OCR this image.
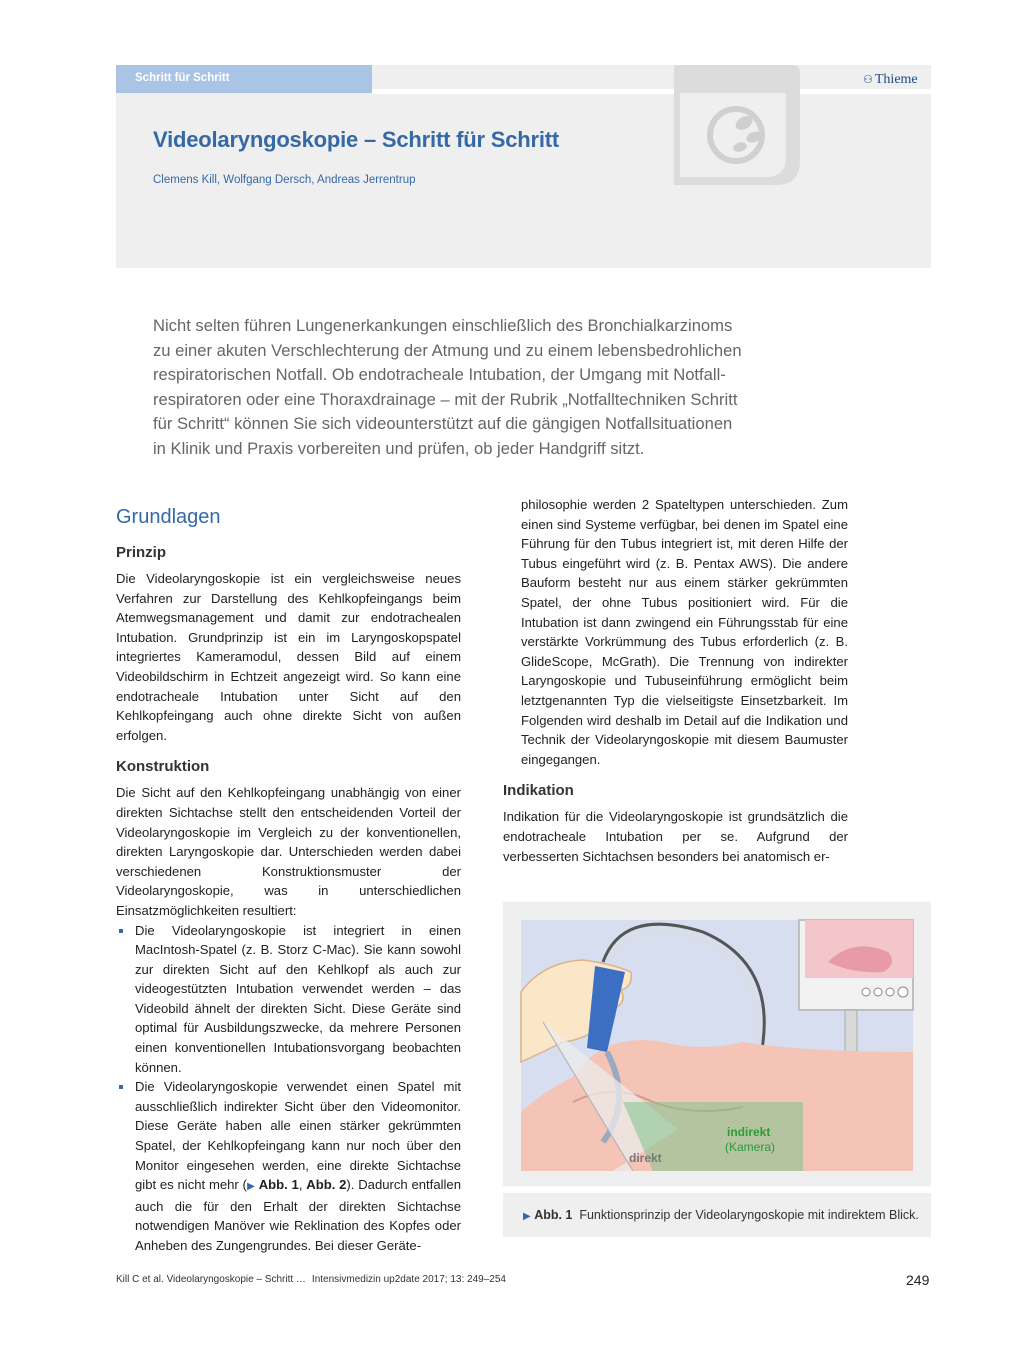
Schritt für Schritt	⚇ Thieme
Videolaryngoskopie – Schritt für Schritt
Clemens Kill, Wolfgang Dersch, Andreas Jerrentrup
Nicht selten führen Lungenerkankungen einschließlich des Bronchialkarzinoms
zu einer akuten Verschlechterung der Atmung und zu einem lebensbedrohlichen
respiratorischen Notfall. Ob endotracheale Intubation, der Umgang mit Notfall-
respiratoren oder eine Thoraxdrainage – mit der Rubrik „Notfalltechniken Schritt
für Schritt“ können Sie sich videounterstützt auf die gängigen Notfallsituationen
in Klinik und Praxis vorbereiten und prüfen, ob jeder Handgriff sitzt.
Grundlagen
Prinzip

Die Videolaryngoskopie ist ein vergleichsweise neues Verfahren zur Darstellung des Kehlkopfeingangs beim Atemwegsmanagement und damit zur endotrachealen Intubation. Grundprinzip ist ein im Laryngoskopspatel integriertes Kameramodul, dessen Bild auf einem Videobildschirm in Echtzeit angezeigt wird. So kann eine endotracheale Intubation unter Sicht auf den Kehlkopfeingang auch ohne direkte Sicht von außen erfolgen.

Konstruktion

Die Sicht auf den Kehlkopfeingang unabhängig von einer direkten Sichtachse stellt den entscheidenden Vorteil der Videolaryngoskopie im Vergleich zu der konventionellen, direkten Laryngoskopie dar. Unterschieden werden dabei verschiedenen Konstruktionsmuster der Videolaryngoskopie, was in unterschiedlichen Einsatzmöglichkeiten resultiert:

Die Videolaryngoskopie ist integriert in einen MacIntosh-Spatel (z. B. Storz C-Mac). Sie kann sowohl zur direkten Sicht auf den Kehlkopf als auch zur videogestützten Intubation verwendet werden – das Videobild ähnelt der direkten Sicht. Diese Geräte sind optimal für Ausbildungszwecke, da mehrere Personen einen konventionellen Intubationsvorgang beobachten können.
Die Videolaryngoskopie verwendet einen Spatel mit ausschließlich indirekter Sicht über den Videomonitor. Diese Geräte haben alle einen stärker gekrümmten Spatel, der Kehlkopfeingang kann nur noch über den Monitor eingesehen werden, eine direkte Sichtachse gibt es nicht mehr (▶ Abb. 1, Abb. 2). Dadurch entfallen auch die für den Erhalt der direkten Sichtachse notwendigen Manöver wie Reklination des Kopfes oder Anheben des Zungengrundes. Bei dieser Geräte-

philosophie werden 2 Spateltypen unterschieden. Zum einen sind Systeme verfügbar, bei denen im Spatel eine Führung für den Tubus integriert ist, mit deren Hilfe der Tubus eingeführt wird (z. B. Pentax AWS). Die andere Bauform besteht nur aus einem stärker gekrümmten Spatel, der ohne Tubus positioniert wird. Für die Intubation ist dann zwingend ein Führungsstab für eine verstärkte Vorkrümmung des Tubus erforderlich (z. B. GlideScope, McGrath). Die Trennung von indirekter Laryngoskopie und Tubuseinführung ermöglicht beim letztgenannten Typ die vielseitigste Einsetzbarkeit. Im Folgenden wird deshalb im Detail auf die Indikation und Technik der Videolaryngoskopie mit diesem Baumuster eingegangen.

Indikation

Indikation für die Videolaryngoskopie ist grundsätzlich die endotracheale Intubation per se. Aufgrund der verbesserten Sichtachsen besonders bei anatomisch er-

direkt
indirekt
(Kamera)
▶ Abb. 1 Funktionsprinzip der Videolaryngoskopie mit indirektem Blick.
Kill C et al. Videolaryngoskopie – Schritt … Intensivmedizin up2date 2017; 13: 249–254	249
